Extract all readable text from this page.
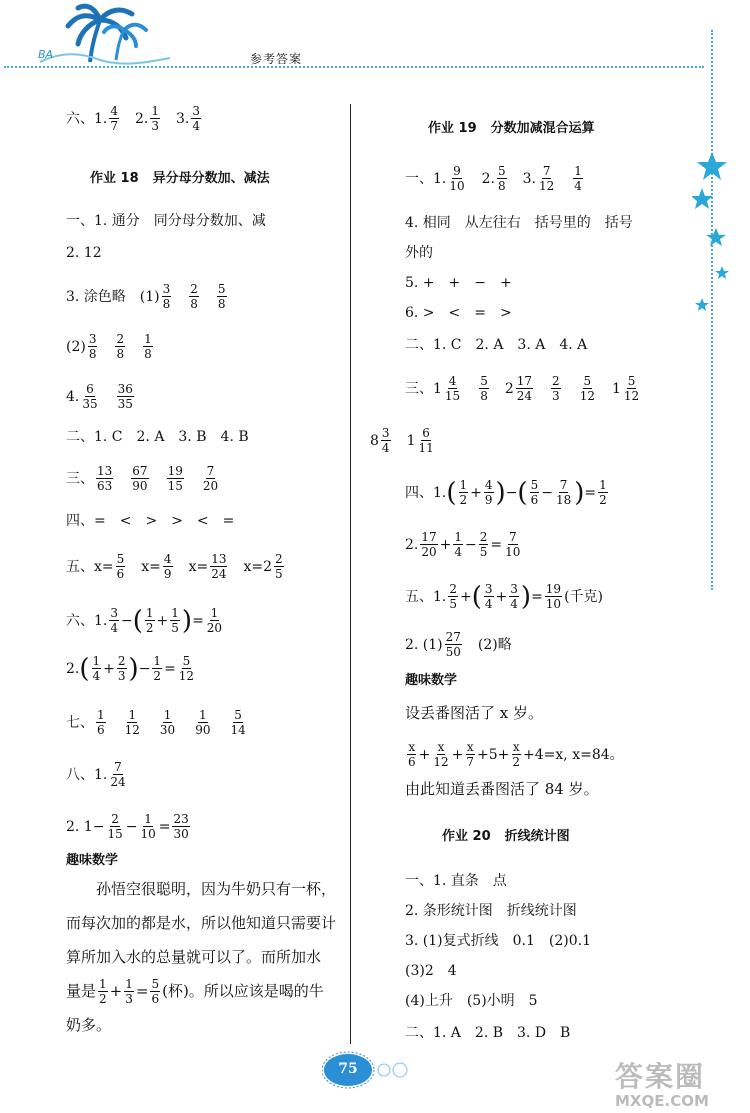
BA	参考答案
六、1. $\frac{4}{7} 2$. $\frac{1}{3} 3$. $\frac{3}{4}$
作业 18 异分母分数加、减法
一、1. 通分　同分母分数加、减
2. 12
3. 涂色略　$(1) \frac{3}{8} \frac{2}{8} \frac{5}{8}$
$(2) \frac{3}{8} \frac{2}{8} \frac{1}{8}$
4. $\frac{6}{35} \frac{36}{35}$
二、1. C　2. A　3. B　4. B
三、 $\frac{13}{63} \frac{67}{90} \frac{19}{15} \frac{7}{20}$
四、=　<　>　>　<　=
五、$x= \frac{5}{6} x= \frac{4}{9} x= \frac{13}{24} x=2 \frac{2}{5}$
六、1. $\frac{3}{4}$ − ( $\frac{1}{2} + \frac{1}{5}$ ) = $\frac{1}{20}$
2. ( $\frac{1}{4} + \frac{2}{3}$ ) − $\frac{1}{2} = \frac{5}{12}$
七、 $\frac{1}{6} \frac{1}{12} \frac{1}{30} \frac{1}{90} \frac{5}{14}$
八、1. $\frac{7}{24}$
2. $1- \frac{2}{15} - \frac{1}{10} = \frac{23}{30}$
趣味数学
孙悟空很聪明，因为牛奶只有一杯，
而每次加的都是水，所以他知道只需要计
算所加入水的总量就可以了。而所加水
量是 $\frac{1}{2} + \frac{1}{3} = \frac{5}{6}$ (杯)。所以应该是喝的牛
奶多。
作业 19 分数加减混合运算
一、1. $\frac{9}{10} 2$. $\frac{5}{8} 3$. $\frac{7}{12} \frac{1}{4}$
4. 相同　从左往右　括号里的　括号
外的
5. +　+　−　+
6. >　<　=　>
二、1. C　2. A　3. A　4. A
三、$1 \frac{4}{15} \frac{5}{8} 2 \frac{17}{24} \frac{2}{3} \frac{5}{12} 1 \frac{5}{12}$
$8 \frac{3}{4} 1 \frac{6}{11}$
四、1. ( $\frac{1}{2} + \frac{4}{9}$ ) − ( $\frac{5}{6} - \frac{7}{18}$ ) = $\frac{1}{2}$
2. $\frac{17}{20} + \frac{1}{4} - \frac{2}{5} = \frac{7}{10}$
五、1. $\frac{2}{5}$ + ( $\frac{3}{4} + \frac{3}{4}$ ) = $\frac{19}{10}$ (千克)
2. $(1) \frac{27}{50} (2)$略
趣味数学
设丢番图活了 x 岁。
$\frac{x}{6} + \frac{x}{12} + \frac{x}{7} +5+ \frac{x}{2} +4=x$, x=84。
由此知道丢番图活了 84 岁。
作业 20 折线统计图
一、1. 直条　点
2. 条形统计图　折线统计图
3. (1)复式折线　0.1　(2)0.1
(3)2　4
(4)上升　(5)小明　5
二、1. A　2. B　3. D　B
75	答案圈
MXQE.COM
